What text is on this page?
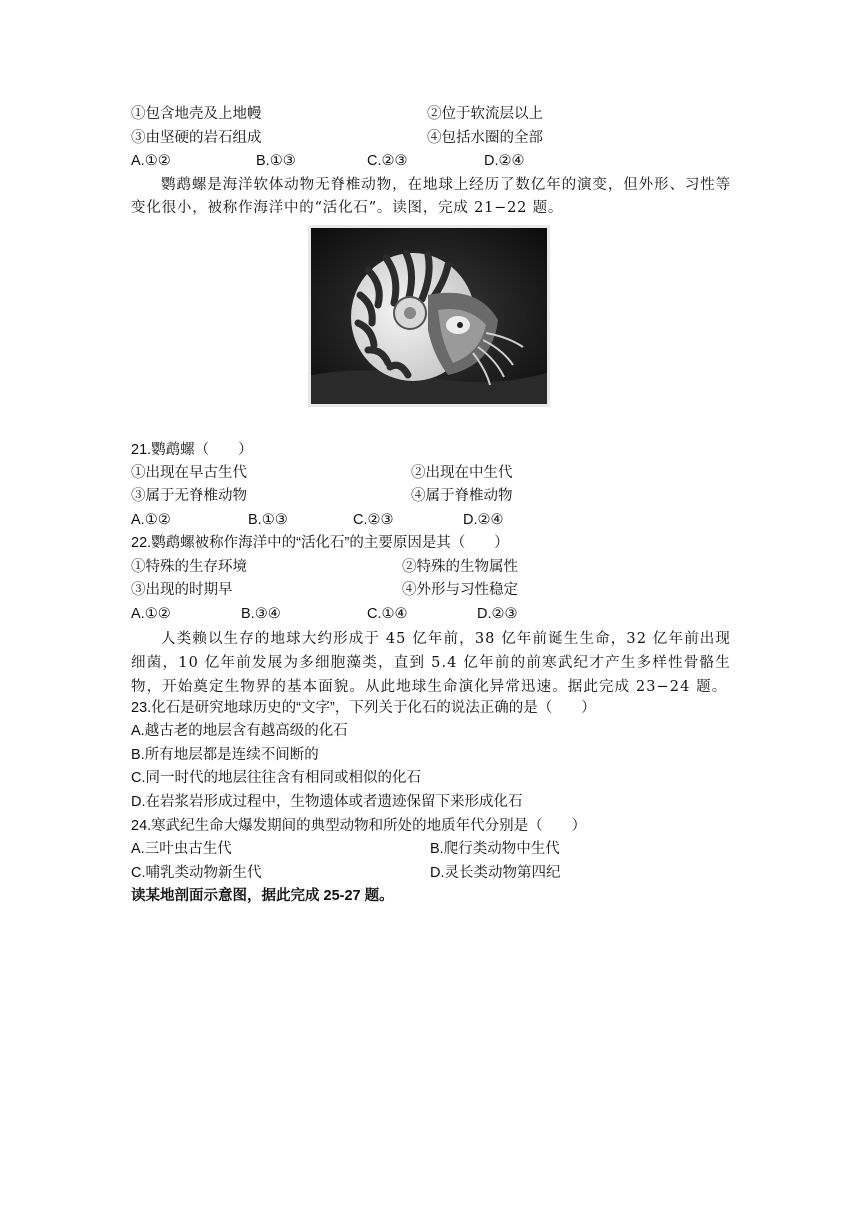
①包含地壳及上地幔	②位于软流层以上
③由坚硬的岩石组成	④包括水圈的全部
A.①②	B.①③	C.②③	D.②④
鹦鹉螺是海洋软体动物无脊椎动物，在地球上经历了数亿年的演变，但外形、习性等变化很小，被称作海洋中的“活化石”。读图，完成 21−22 题。
21.鹦鹉螺（　　）
①出现在早古生代	②出现在中生代
③属于无脊椎动物	④属于脊椎动物
A.①②	B.①③	C.②③	D.②④
22.鹦鹉螺被称作海洋中的“活化石”的主要原因是其（　　）
①特殊的生存环境	②特殊的生物属性
③出现的时期早	④外形与习性稳定
A.①②	B.③④	C.①④	D.②③
人类赖以生存的地球大约形成于 45 亿年前，38 亿年前诞生生命，32 亿年前出现细菌，10 亿年前发展为多细胞藻类，直到 5.4 亿年前的前寒武纪才产生多样性骨骼生物，开始奠定生物界的基本面貌。从此地球生命演化异常迅速。据此完成 23−24 题。
23.化石是研究地球历史的“文字”，下列关于化石的说法正确的是（　　）
A.越古老的地层含有越高级的化石
B.所有地层都是连续不间断的
C.同一时代的地层往往含有相同或相似的化石
D.在岩浆岩形成过程中，生物遗体或者遗迹保留下来形成化石
24.寒武纪生命大爆发期间的典型动物和所处的地质年代分别是（　　）
A.三叶虫古生代	B.爬行类动物中生代
C.哺乳类动物新生代	D.灵长类动物第四纪
读某地剖面示意图，据此完成 25-27 题。
